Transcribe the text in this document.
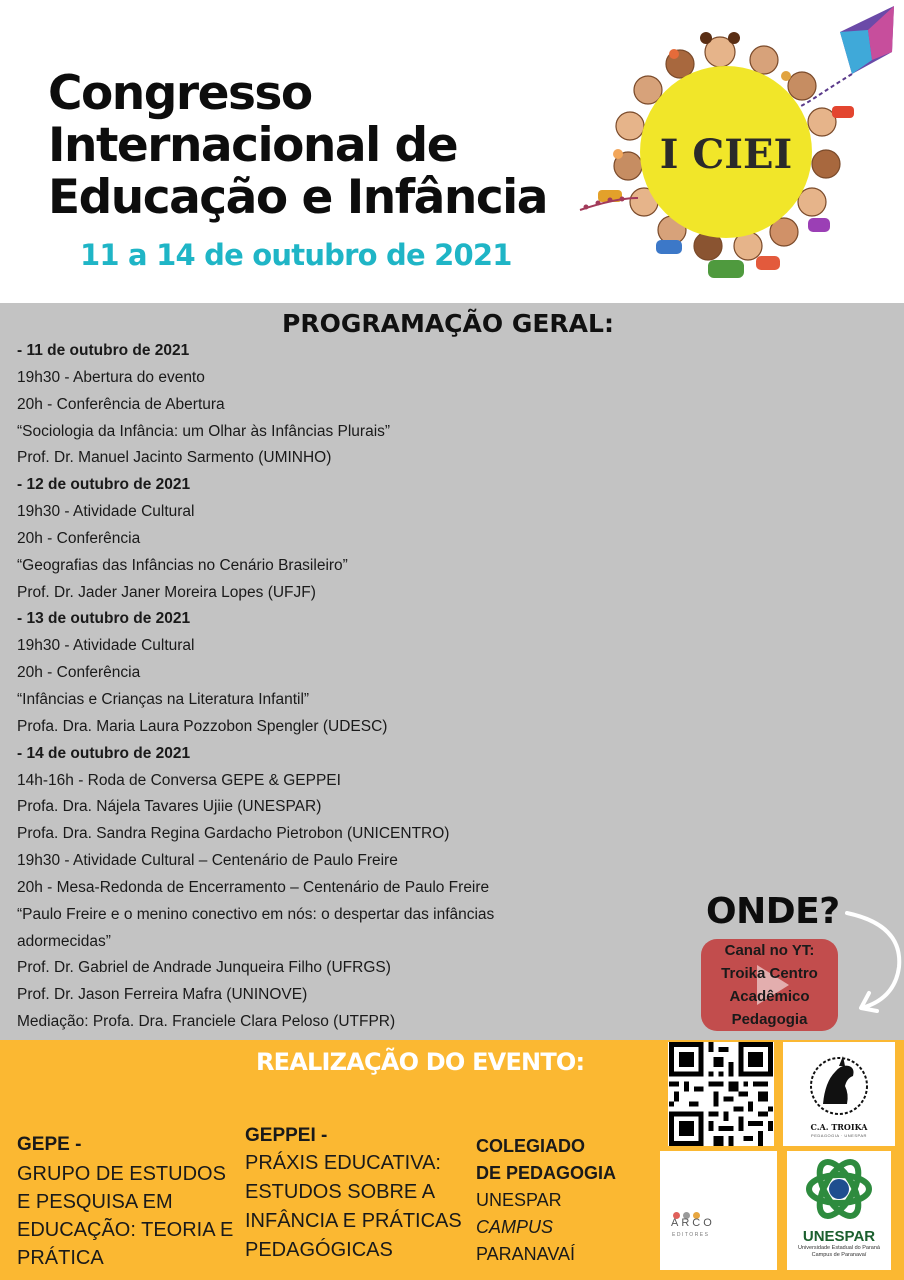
Congresso
Internacional de
Educação e Infância
11 a 14 de outubro de 2021
I CIEI
PROGRAMAÇÃO GERAL:
- 11 de outubro de 2021
19h30 - Abertura do evento
20h - Conferência de Abertura
“Sociologia da Infância: um Olhar às Infâncias Plurais”
Prof. Dr. Manuel Jacinto Sarmento (UMINHO)
- 12 de outubro de 2021
19h30 - Atividade Cultural
20h - Conferência
“Geografias das Infâncias no Cenário Brasileiro”
Prof. Dr. Jader Janer Moreira Lopes (UFJF)
- 13 de outubro de 2021
19h30 - Atividade Cultural
20h - Conferência
“Infâncias e Crianças na Literatura Infantil”
Profa. Dra. Maria Laura Pozzobon Spengler (UDESC)
- 14 de outubro de 2021
14h-16h - Roda de Conversa GEPE & GEPPEI
Profa. Dra. Nájela Tavares Ujiie (UNESPAR)
Profa. Dra. Sandra Regina Gardacho Pietrobon (UNICENTRO)
19h30 - Atividade Cultural – Centenário de Paulo Freire
20h - Mesa-Redonda de Encerramento – Centenário de Paulo Freire
“Paulo Freire e o menino conectivo em nós: o despertar das infâncias
adormecidas”
Prof. Dr. Gabriel de Andrade Junqueira Filho (UFRGS)
Prof. Dr. Jason Ferreira Mafra (UNINOVE)
Mediação: Profa. Dra. Franciele Clara Peloso (UTFPR)
ONDE?
Canal no YT:
Troika Centro
Acadêmico
Pedagogia
REALIZAÇÃO DO EVENTO:
GEPE -
GRUPO DE ESTUDOS
E PESQUISA EM
EDUCAÇÃO: TEORIA E
PRÁTICA
GEPPEI -
PRÁXIS EDUCATIVA:
ESTUDOS SOBRE A
INFÂNCIA E PRÁTICAS
PEDAGÓGICAS
COLEGIADO
DE PEDAGOGIA
UNESPAR
CAMPUS
PARANAVAÍ
C.A. TROIKA
PEDAGOGIA · UNESPAR
ARCO
EDITORES	UNESPAR
Universidade Estadual do Paraná
Campus de Paranavaí
